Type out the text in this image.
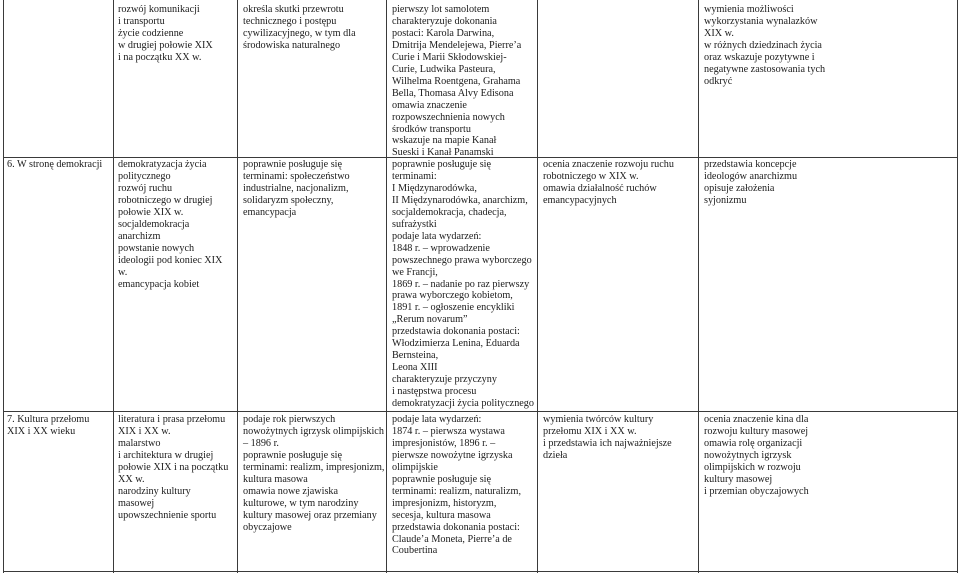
rozwój komunikacji
i transportu
życie codzienne
w drugiej połowie XIX
i na początku XX w.
określa skutki przewrotu
technicznego i postępu
cywilizacyjnego, w tym dla
środowiska naturalnego
pierwszy lot samolotem
charakteryzuje dokonania
postaci: Karola Darwina,
Dmitrija Mendelejewa, Pierre’a
Curie i Marii Skłodowskiej-
Curie, Ludwika Pasteura,
Wilhelma Roentgena, Grahama
Bella, Thomasa Alvy Edisona
omawia znaczenie
rozpowszechnienia nowych
środków transportu
wskazuje na mapie Kanał
Sueski i Kanał Panamski
wymienia możliwości
wykorzystania wynalazków
XIX w.
w różnych dziedzinach życia
oraz wskazuje pozytywne i
negatywne zastosowania tych
odkryć
6. W stronę demokracji	demokratyzacja życia
politycznego
rozwój ruchu
robotniczego w drugiej
połowie XIX w.
socjaldemokracja
anarchizm
powstanie nowych
ideologii pod koniec XIX
w.
emancypacja kobiet
poprawnie posługuje się
terminami: społeczeństwo
industrialne, nacjonalizm,
solidaryzm społeczny,
emancypacja
poprawnie posługuje się
terminami:
I Międzynarodówka,
II Międzynarodówka, anarchizm,
socjaldemokracja, chadecja,
sufrażystki
podaje lata wydarzeń:
1848 r. – wprowadzenie
powszechnego prawa wyborczego
we Francji,
1869 r. – nadanie po raz pierwszy
prawa wyborczego kobietom,
1891 r. – ogłoszenie encykliki
„Rerum novarum”
przedstawia dokonania postaci:
Włodzimierza Lenina, Eduarda
Bernsteina,
Leona XIII
charakteryzuje przyczyny
i następstwa procesu
demokratyzacji życia politycznego
ocenia znaczenie rozwoju ruchu
robotniczego w XIX w.
omawia działalność ruchów
emancypacyjnych
przedstawia koncepcje
ideologów anarchizmu
opisuje założenia
syjonizmu
7. Kultura przełomu
XIX i XX wieku
literatura i prasa przełomu
XIX i XX w.
malarstwo
i architektura w drugiej
połowie XIX i na początku
XX w.
narodziny kultury
masowej
upowszechnienie sportu
podaje rok pierwszych
nowożytnych igrzysk olimpijskich
– 1896 r.
poprawnie posługuje się
terminami: realizm, impresjonizm,
kultura masowa
omawia nowe zjawiska
kulturowe, w tym narodziny
kultury masowej oraz przemiany
obyczajowe
podaje lata wydarzeń:
1874 r. – pierwsza wystawa
impresjonistów, 1896 r. –
pierwsze nowożytne igrzyska
olimpijskie
poprawnie posługuje się
terminami: realizm, naturalizm,
impresjonizm, historyzm,
secesja, kultura masowa
przedstawia dokonania postaci:
Claude’a Moneta, Pierre’a de
Coubertina
wymienia twórców kultury
przełomu XIX i XX w.
i przedstawia ich najważniejsze
dzieła
ocenia znaczenie kina dla
rozwoju kultury masowej
omawia rolę organizacji
nowożytnych igrzysk
olimpijskich w rozwoju
kultury masowej
i przemian obyczajowych
